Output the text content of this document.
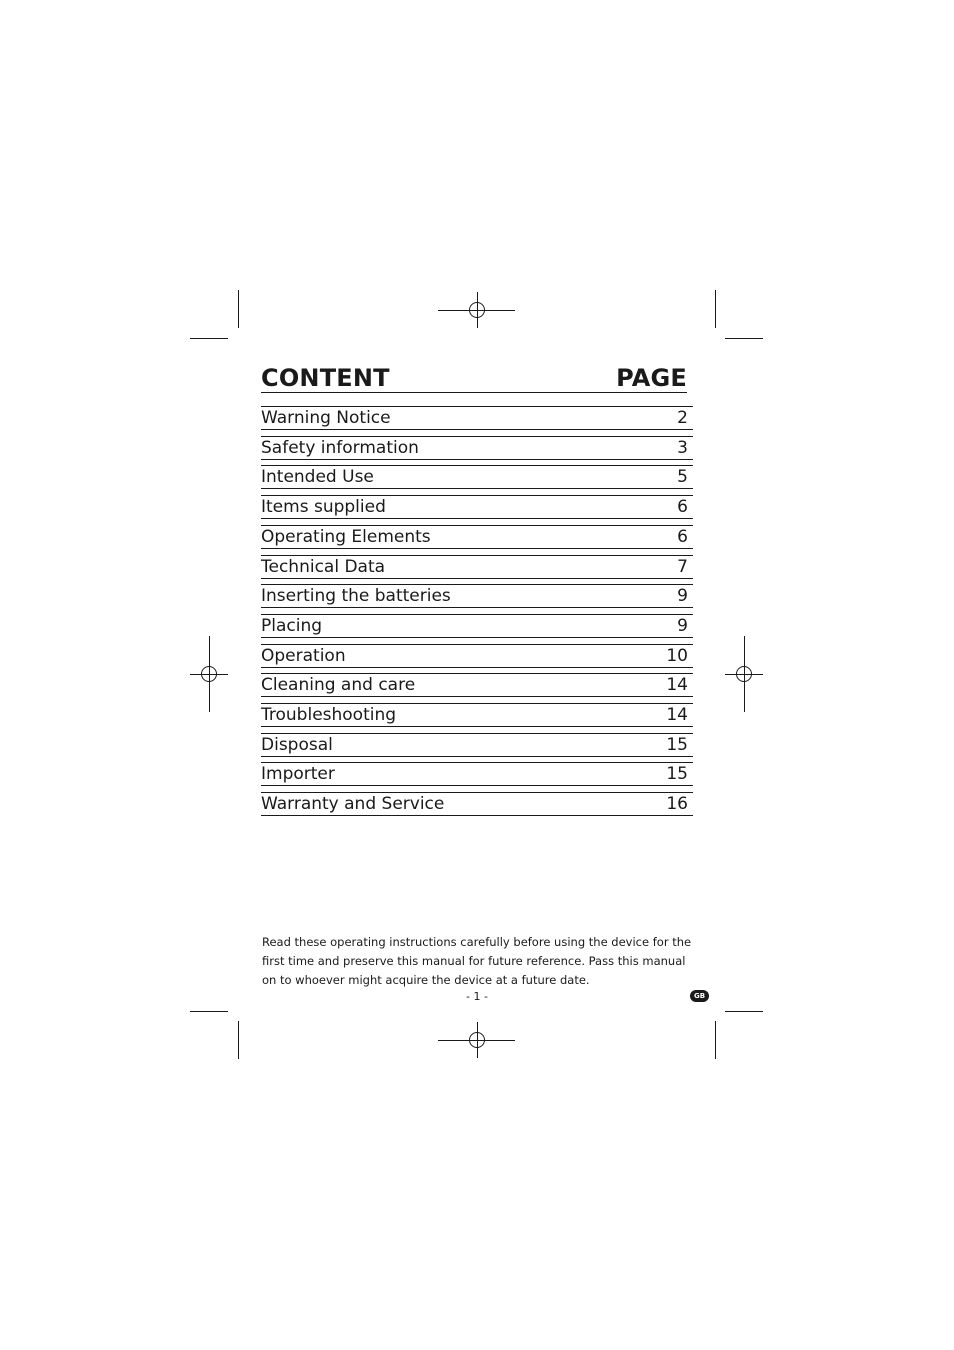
CONTENT	PAGE
Warning Notice	2
Safety information	3
Intended Use	5
Items supplied	6
Operating Elements	6
Technical Data	7
Inserting the batteries	9
Placing	9
Operation	10
Cleaning and care	14
Troubleshooting	14
Disposal	15
Importer	15
Warranty and Service	16
Read these operating instructions carefully before using the device for the first time and preserve this manual for future reference. Pass this manual on to whoever might acquire the device at a future date.
- 1 -	GB
